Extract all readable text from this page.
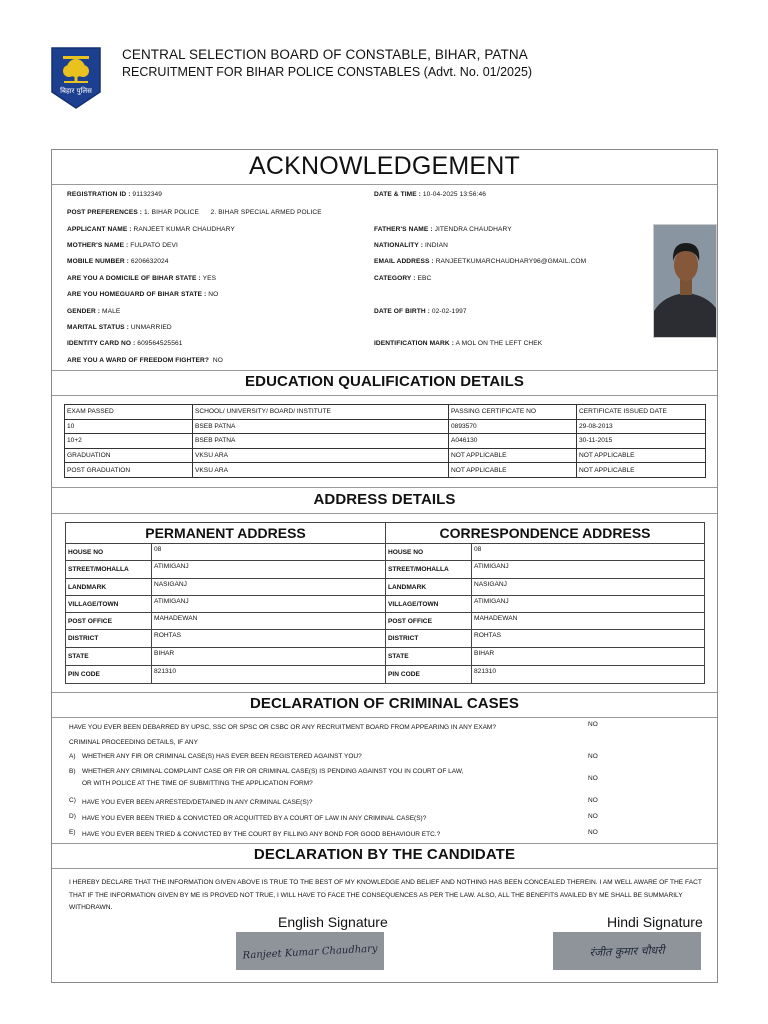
बिहार पुलिस
CENTRAL SELECTION BOARD OF CONSTABLE, BIHAR, PATNA
RECRUITMENT FOR BIHAR POLICE CONSTABLES (Advt. No. 01/2025)
ACKNOWLEDGEMENT
REGISTRATION ID : 91132349	DATE & TIME : 10-04-2025 13:56:46
POST PREFERENCES : 1. BIHAR POLICE 2. BIHAR SPECIAL ARMED POLICE
APPLICANT NAME : RANJEET KUMAR CHAUDHARY	FATHER'S NAME : JITENDRA CHAUDHARY
MOTHER'S NAME : FULPATO DEVI	NATIONALITY : INDIAN
MOBILE NUMBER : 6206632024	EMAIL ADDRESS : RANJEETKUMARCHAUDHARY96@GMAIL.COM
ARE YOU A DOMICILE OF BIHAR STATE : YES	CATEGORY : EBC
ARE YOU HOMEGUARD OF BIHAR STATE : NO
GENDER : MALE	DATE OF BIRTH : 02-02-1997
MARITAL STATUS : UNMARRIED
IDENTITY CARD NO : 609564525561	IDENTIFICATION MARK : A MOL ON THE LEFT CHEK
ARE YOU A WARD OF FREEDOM FIGHTER? NO
EDUCATION QUALIFICATION DETAILS
EXAM PASSED	SCHOOL/ UNIVERSITY/ BOARD/ INSTITUTE	PASSING CERTIFICATE NO	CERTIFICATE ISSUED DATE
10	BSEB PATNA	0893570	29-08-2013
10+2	BSEB PATNA	A046130	30-11-2015
GRADUATION	VKSU ARA	NOT APPLICABLE	NOT APPLICABLE
POST GRADUATION	VKSU ARA	NOT APPLICABLE	NOT APPLICABLE
ADDRESS DETAILS
PERMANENT ADDRESS		CORRESPONDENCE ADDRESS	
HOUSE NO	08	HOUSE NO	08
STREET/MOHALLA	ATIMIGANJ	STREET/MOHALLA	ATIMIGANJ
LANDMARK	NASIGANJ	LANDMARK	NASIGANJ
VILLAGE/TOWN	ATIMIGANJ	VILLAGE/TOWN	ATIMIGANJ
POST OFFICE	MAHADEWAN	POST OFFICE	MAHADEWAN
DISTRICT	ROHTAS	DISTRICT	ROHTAS
STATE	BIHAR	STATE	BIHAR
PIN CODE	821310	PIN CODE	821310
DECLARATION OF CRIMINAL CASES
HAVE YOU EVER BEEN DEBARRED BY UPSC, SSC OR SPSC OR CSBC OR ANY RECRUITMENT BOARD FROM APPEARING IN ANY EXAM?	NO
CRIMINAL PROCEEDING DETAILS, IF ANY
A) WHETHER ANY FIR OR CRIMINAL CASE(S) HAS EVER BEEN REGISTERED AGAINST YOU?	NO
B) WHETHER ANY CRIMINAL COMPLAINT CASE OR FIR OR CRIMINAL CASE(S) IS PENDING AGAINST YOU IN COURT OF LAW,
OR WITH POLICE AT THE TIME OF SUBMITTING THE APPLICATION FORM?
NO
C) HAVE YOU EVER BEEN ARRESTED/DETAINED IN ANY CRIMINAL CASE(S)?	NO
D) HAVE YOU EVER BEEN TRIED & CONVICTED OR ACQUITTED BY A COURT OF LAW IN ANY CRIMINAL CASE(S)?	NO
E) HAVE YOU EVER BEEN TRIED & CONVICTED BY THE COURT BY FILLING ANY BOND FOR GOOD BEHAVIOUR ETC.?	NO
DECLARATION BY THE CANDIDATE
I HEREBY DECLARE THAT THE INFORMATION GIVEN ABOVE IS TRUE TO THE BEST OF MY KNOWLEDGE AND BELIEF AND NOTHING HAS BEEN CONCEALED THEREIN. I AM WELL AWARE OF THE FACT THAT IF THE INFORMATION GIVEN BY ME IS PROVED NOT TRUE, I WILL HAVE TO FACE THE CONSEQUENCES AS PER THE LAW. ALSO, ALL THE BENEFITS AVAILED BY ME SHALL BE SUMMARILY WITHDRAWN.
English Signature	Hindi Signature
Ranjeet Kumar Chaudhary	रंजीत कुमार चौधरी
